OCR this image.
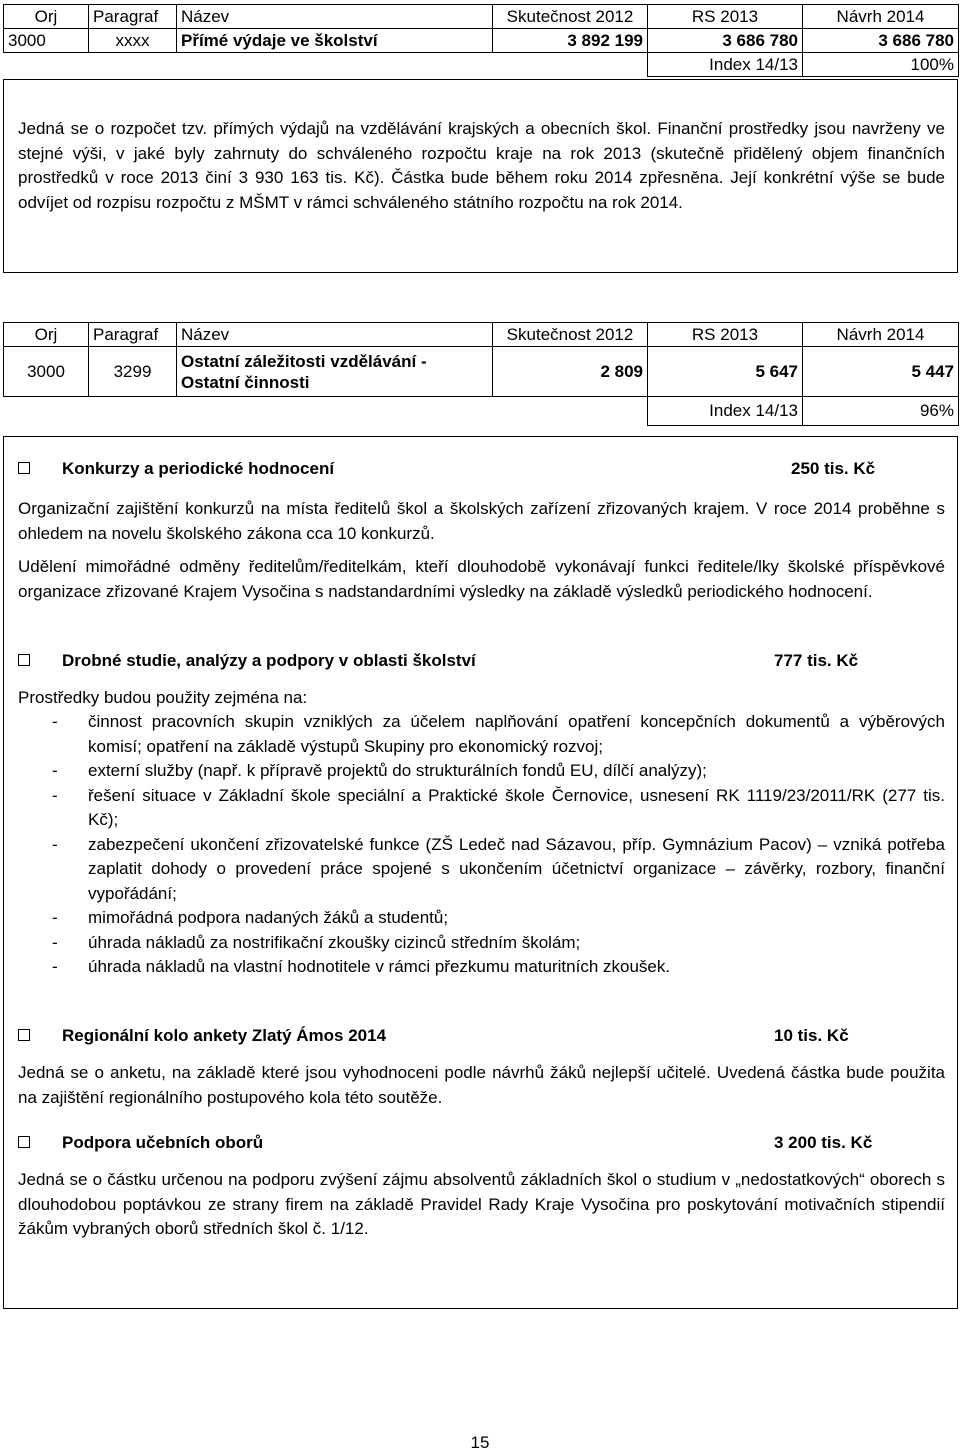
Orj	Paragraf	Název	Skutečnost 2012	RS 2013	Návrh 2014
3000	xxxx	Přímé výdaje ve školství	3 892 199	3 686 780	3 686 780
				Index 14/13	100%

Jedná se o rozpočet tzv. přímých výdajů na vzdělávání krajských a obecních škol. Finanční prostředky jsou navrženy ve stejné výši, v jaké byly zahrnuty do schváleného rozpočtu kraje na rok 2013 (skutečně přidělený objem finančních prostředků v roce 2013 činí 3 930 163 tis. Kč). Částka bude během roku 2014 zpřesněna. Její konkrétní výše se bude odvíjet od rozpisu rozpočtu z MŠMT v rámci schváleného státního rozpočtu na rok 2014.

Orj	Paragraf	Název	Skutečnost 2012	RS 2013	Návrh 2014
3000	3299	Ostatní záležitosti vzdělávání - Ostatní činnosti	2 809	5 647	5 447
				Index 14/13	96%
Konkurzy a periodické hodnocení	250 tis. Kč

Organizační zajištění konkurzů na místa ředitelů škol a školských zařízení zřizovaných krajem. V roce 2014 proběhne s ohledem na novelu školského zákona cca 10 konkurzů.

Udělení mimořádné odměny ředitelům/ředitelkám, kteří dlouhodobě vykonávají funkci ředitele/lky školské příspěvkové organizace zřizované Krajem Vysočina s nadstandardními výsledky na základě výsledků periodického hodnocení.

Drobné studie, analýzy a podpory v oblasti školství	777 tis. Kč

Prostředky budou použity zejména na:

- činnost pracovních skupin vzniklých za účelem naplňování opatření koncepčních dokumentů a výběrových komisí; opatření na základě výstupů Skupiny pro ekonomický rozvoj;
- externí služby (např. k přípravě projektů do strukturálních fondů EU, dílčí analýzy);
- řešení situace v Základní škole speciální a Praktické škole Černovice, usnesení RK 1119/23/2011/RK (277 tis. Kč);
- zabezpečení ukončení zřizovatelské funkce (ZŠ Ledeč nad Sázavou, příp. Gymnázium Pacov) – vzniká potřeba zaplatit dohody o provedení práce spojené s ukončením účetnictví organizace – závěrky, rozbory, finanční vypořádání;
- mimořádná podpora nadaných žáků a studentů;
- úhrada nákladů za nostrifikační zkoušky cizinců středním školám;
- úhrada nákladů na vlastní hodnotitele v rámci přezkumu maturitních zkoušek.
Regionální kolo ankety Zlatý Ámos 2014	10 tis. Kč

Jedná se o anketu, na základě které jsou vyhodnoceni podle návrhů žáků nejlepší učitelé. Uvedená částka bude použita na zajištění regionálního postupového kola této soutěže.

Podpora učebních oborů	3 200 tis. Kč

Jedná se o částku určenou na podporu zvýšení zájmu absolventů základních škol o studium v „nedostatkových“ oborech s dlouhodobou poptávkou ze strany firem na základě Pravidel Rady Kraje Vysočina pro poskytování motivačních stipendií žákům vybraných oborů středních škol č. 1/12.

15
